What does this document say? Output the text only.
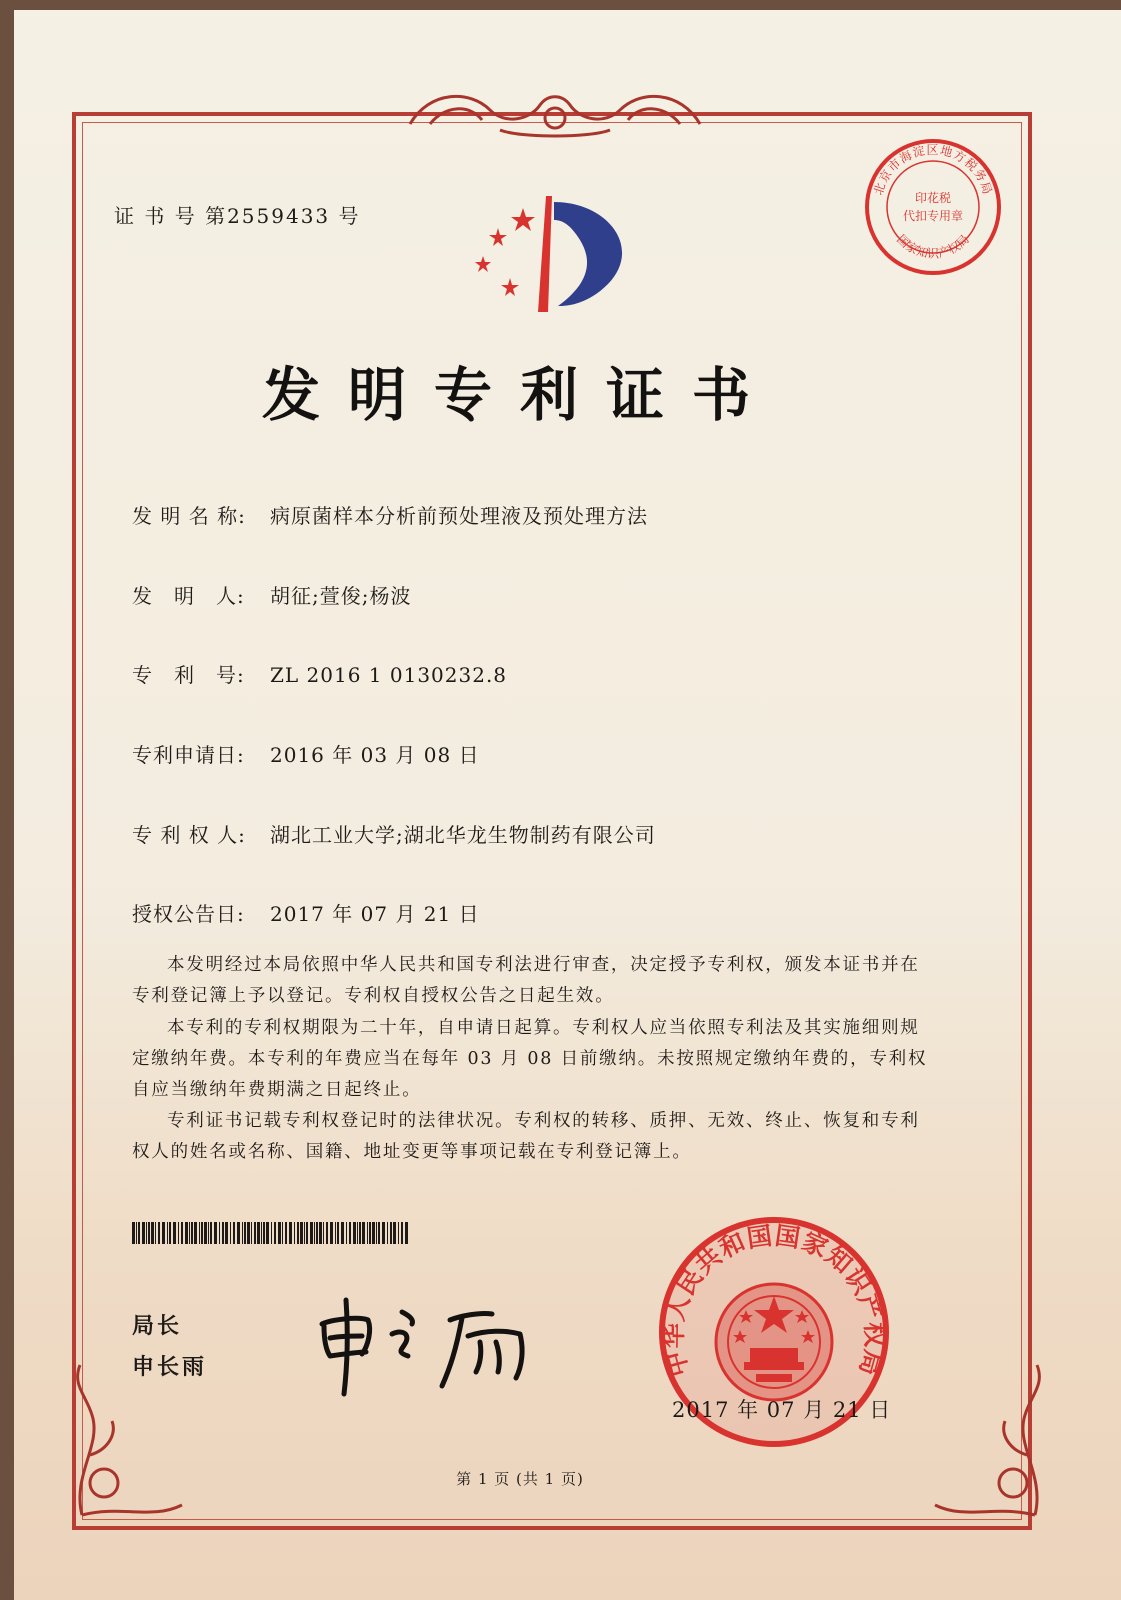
北京市海淀区地方税务局
印花税
代扣专用章
国家知识产权局
证 书 号 第2559433 号
发明专利证书
发 明 名 称: 病原菌样本分析前预处理液及预处理方法
发　明　人: 胡征;萱俊;杨波
专　利　号: ZL 2016 1 0130232.8
专利申请日: 2016 年 03 月 08 日
专 利 权 人: 湖北工业大学;湖北华龙生物制药有限公司
授权公告日: 2017 年 07 月 21 日
本发明经过本局依照中华人民共和国专利法进行审查，决定授予专利权，颁发本证书并在专利登记簿上予以登记。专利权自授权公告之日起生效。
本专利的专利权期限为二十年，自申请日起算。专利权人应当依照专利法及其实施细则规定缴纳年费。本专利的年费应当在每年 03 月 08 日前缴纳。未按照规定缴纳年费的，专利权自应当缴纳年费期满之日起终止。
专利证书记载专利权登记时的法律状况。专利权的转移、质押、无效、终止、恢复和专利权人的姓名或名称、国籍、地址变更等事项记载在专利登记簿上。
局长
申长雨	中华人民共和国国家知识产权局
2017 年 07 月 21 日
第 1 页 (共 1 页)
